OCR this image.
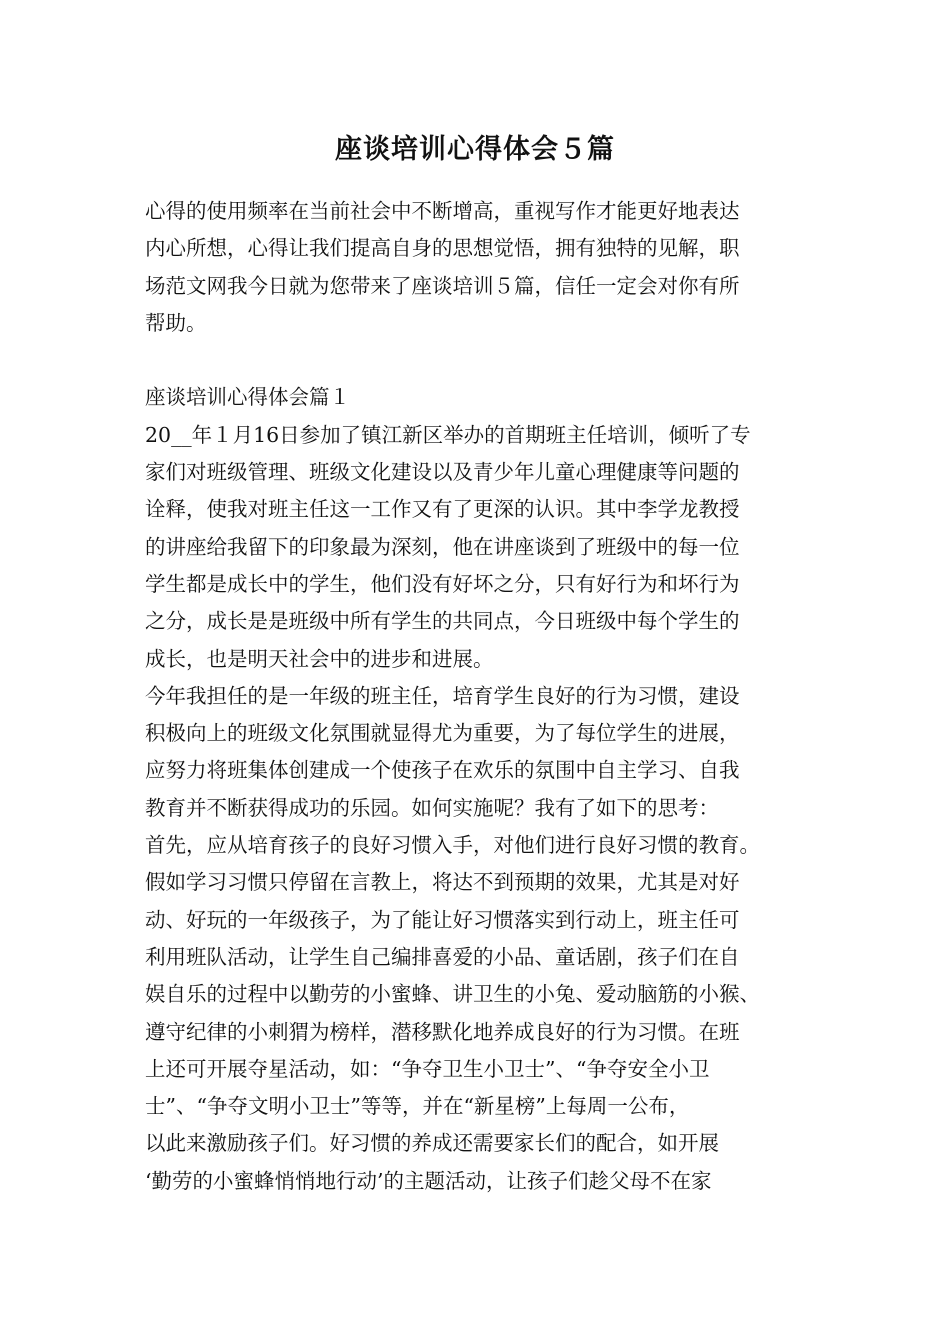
座谈培训心得体会５篇
心得的使用频率在当前社会中不断增高，重视写作才能更好地表达
内心所想，心得让我们提高自身的思想觉悟，拥有独特的见解，职
场范文网我今日就为您带来了座谈培训５篇，信任一定会对你有所
帮助。
座谈培训心得体会篇１
20__年１月16日参加了镇江新区举办的首期班主任培训，倾听了专
家们对班级管理、班级文化建设以及青少年儿童心理健康等问题的
诠释，使我对班主任这一工作又有了更深的认识。其中李学龙教授
的讲座给我留下的印象最为深刻，他在讲座谈到了班级中的每一位
学生都是成长中的学生，他们没有好坏之分，只有好行为和坏行为
之分，成长是是班级中所有学生的共同点，今日班级中每个学生的
成长，也是明天社会中的进步和进展。
今年我担任的是一年级的班主任，培育学生良好的行为习惯，建设
积极向上的班级文化氛围就显得尤为重要，为了每位学生的进展，
应努力将班集体创建成一个使孩子在欢乐的氛围中自主学习、自我
教育并不断获得成功的乐园。如何实施呢？我有了如下的思考：
首先，应从培育孩子的良好习惯入手，对他们进行良好习惯的教育。
假如学习习惯只停留在言教上，将达不到预期的效果，尤其是对好
动、好玩的一年级孩子，为了能让好习惯落实到行动上，班主任可
利用班队活动，让学生自己编排喜爱的小品、童话剧，孩子们在自
娱自乐的过程中以勤劳的小蜜蜂、讲卫生的小兔、爱动脑筋的小猴、
遵守纪律的小刺猬为榜样，潜移默化地养成良好的行为习惯。在班
上还可开展夺星活动，如：“争夺卫生小卫士”、“争夺安全小卫
士”、“争夺文明小卫士”等等，并在“新星榜”上每周一公布，
以此来激励孩子们。好习惯的养成还需要家长们的配合，如开展
‘勤劳的小蜜蜂悄悄地行动’的主题活动，让孩子们趁父母不在家
